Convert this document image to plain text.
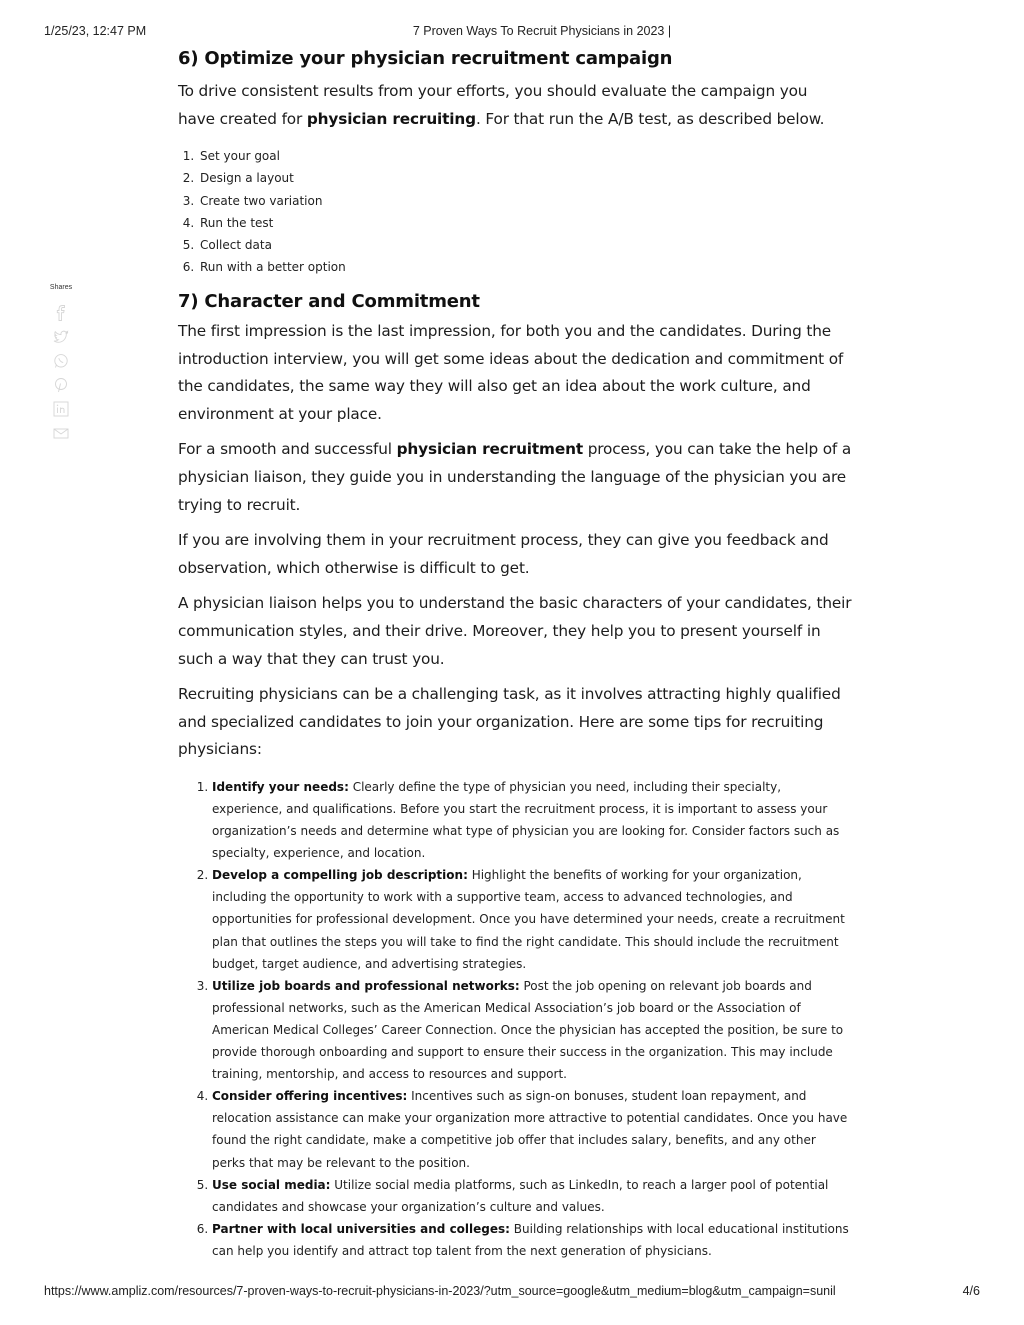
1/25/23, 12:47 PM	7 Proven Ways To Recruit Physicians in 2023 |
Shares
6) Optimize your physician recruitment campaign

To drive consistent results from your efforts, you should evaluate the campaign you have created for physician recruiting. For that run the A/B test, as described below.

1. Set your goal
2. Design a layout
3. Create two variation
4. Run the test
5. Collect data
6. Run with a better option
7) Character and Commitment

The first impression is the last impression, for both you and the candidates. During the introduction interview, you will get some ideas about the dedication and commitment of the candidates, the same way they will also get an idea about the work culture, and environment at your place.

For a smooth and successful physician recruitment process, you can take the help of a physician liaison, they guide you in understanding the language of the physician you are trying to recruit.

If you are involving them in your recruitment process, they can give you feedback and observation, which otherwise is difficult to get.

A physician liaison helps you to understand the basic characters of your candidates, their communication styles, and their drive. Moreover, they help you to present yourself in such a way that they can trust you.

Recruiting physicians can be a challenging task, as it involves attracting highly qualified and specialized candidates to join your organization. Here are some tips for recruiting physicians:

1. Identify your needs: Clearly define the type of physician you need, including their specialty, experience, and qualifications. Before you start the recruitment process, it is important to assess your organization’s needs and determine what type of physician you are looking for. Consider factors such as specialty, experience, and location.
2. Develop a compelling job description: Highlight the benefits of working for your organization, including the opportunity to work with a supportive team, access to advanced technologies, and opportunities for professional development. Once you have determined your needs, create a recruitment plan that outlines the steps you will take to find the right candidate. This should include the recruitment budget, target audience, and advertising strategies.
3. Utilize job boards and professional networks: Post the job opening on relevant job boards and professional networks, such as the American Medical Association’s job board or the Association of American Medical Colleges’ Career Connection. Once the physician has accepted the position, be sure to provide thorough onboarding and support to ensure their success in the organization. This may include training, mentorship, and access to resources and support.
4. Consider offering incentives: Incentives such as sign-on bonuses, student loan repayment, and relocation assistance can make your organization more attractive to potential candidates. Once you have found the right candidate, make a competitive job offer that includes salary, benefits, and any other perks that may be relevant to the position.
5. Use social media: Utilize social media platforms, such as LinkedIn, to reach a larger pool of potential candidates and showcase your organization’s culture and values.
6. Partner with local universities and colleges: Building relationships with local educational institutions can help you identify and attract top talent from the next generation of physicians.
https://www.ampliz.com/resources/7-proven-ways-to-recruit-physicians-in-2023/?utm_source=google&utm_medium=blog&utm_campaign=sunil	4/6
